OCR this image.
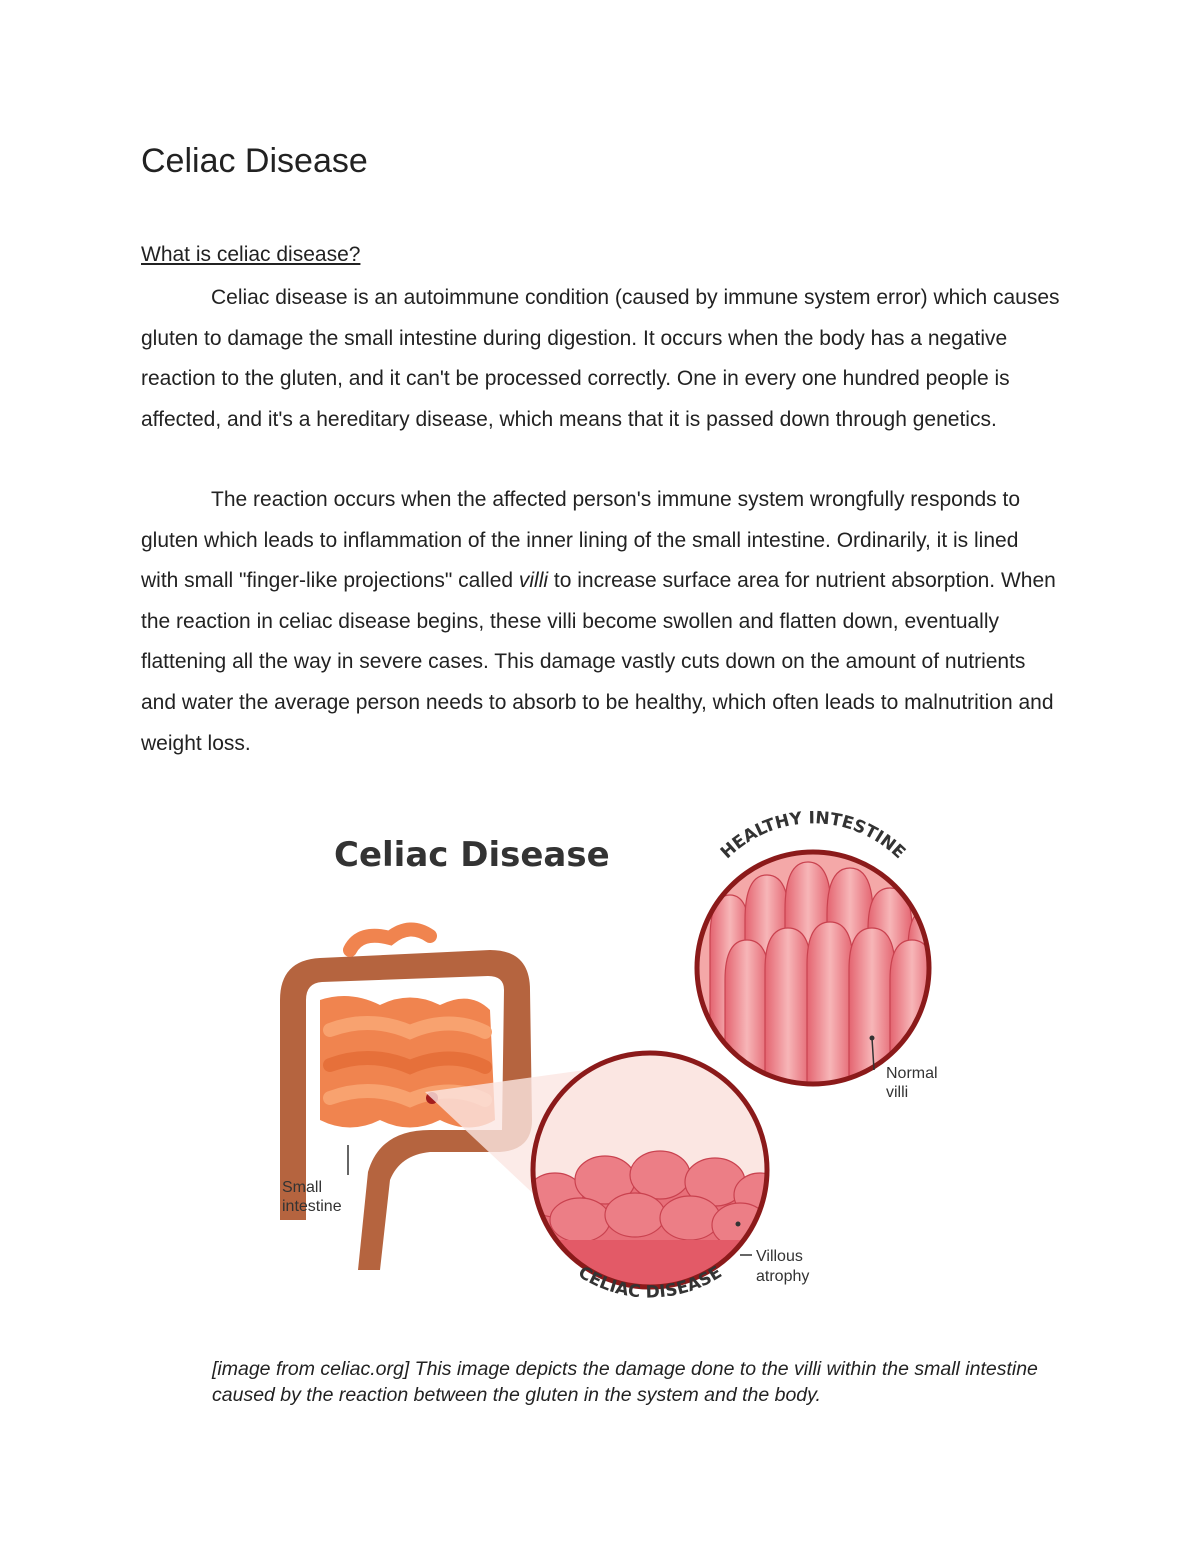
Celiac Disease
What is celiac disease?

Celiac disease is an autoimmune condition (caused by immune system error) which causes gluten to damage the small intestine during digestion. It occurs when the body has a negative reaction to the gluten, and it can't be processed correctly. One in every one hundred people is affected, and it's a hereditary disease, which means that it is passed down through genetics.

The reaction occurs when the affected person's immune system wrongfully responds to gluten which leads to inflammation of the inner lining of the small intestine. Ordinarily, it is lined with small "finger-like projections" called villi to increase surface area for nutrient absorption. When the reaction in celiac disease begins, these villi become swollen and flatten down, eventually flattening all the way in severe cases. This damage vastly cuts down on the amount of nutrients and water the average person needs to absorb to be healthy, which often leads to malnutrition and weight loss.

Celiac Disease
Small
intestine
HEALTHY INTESTINE
Normal
villi
CELIAC DISEASE
Villous
atrophy

[image from celiac.org] This image depicts the damage done to the villi within the small intestine caused by the reaction between the gluten in the system and the body.
